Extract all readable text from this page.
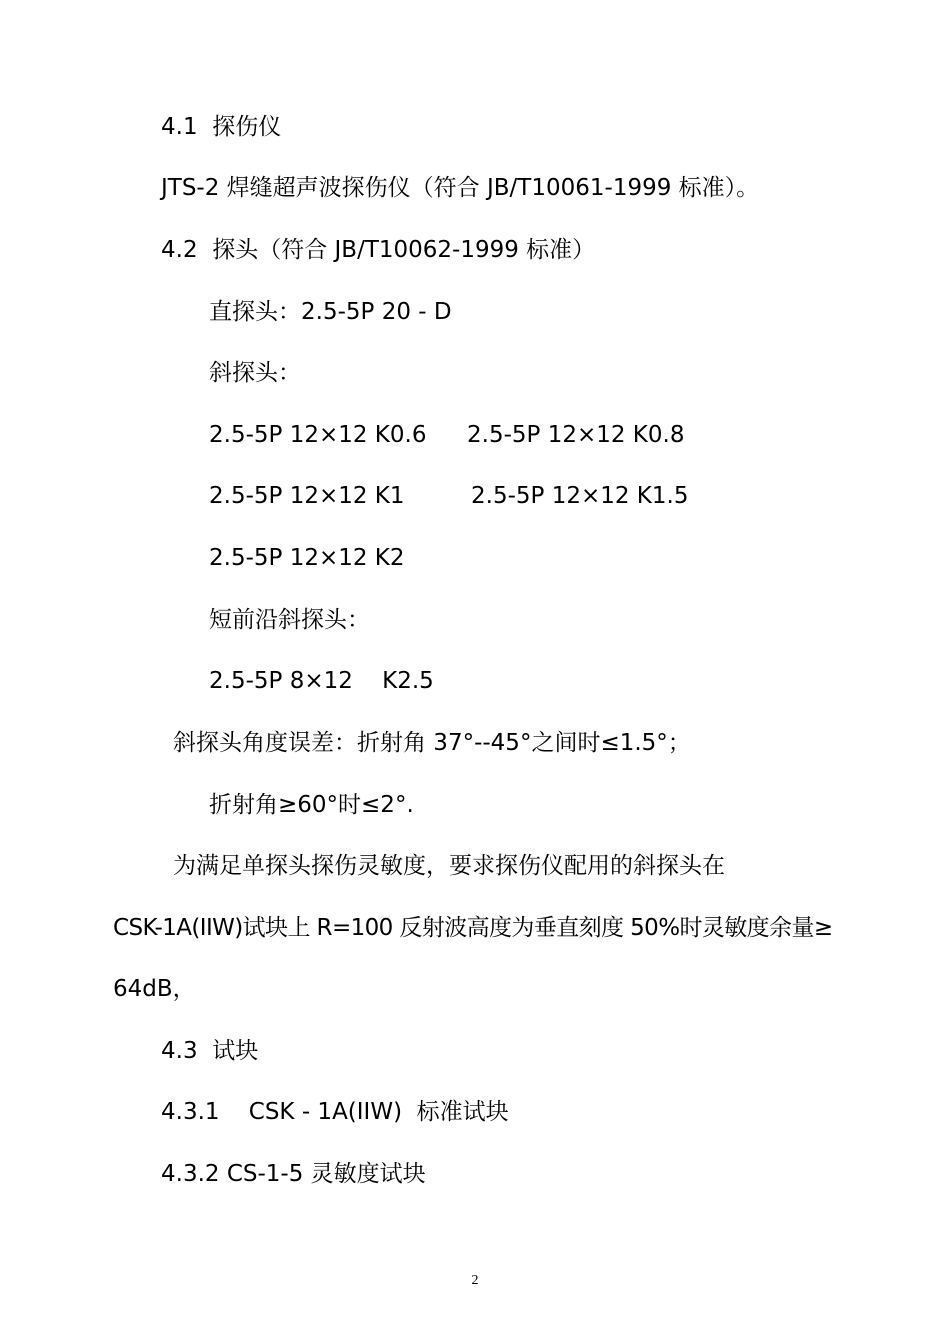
4.1  探伤仪
JTS-2 焊缝超声波探伤仪（符合 JB/T10061-1999 标准）。
4.2  探头（符合 JB/T10062-1999 标准）
直探头：2.5-5P 20 - D
斜探头：
2.5-5P 12×12 K0.6 2.5-5P 12×12 K0.8
2.5-5P 12×12 K1	2.5-5P 12×12 K1.5
2.5-5P 12×12 K2
短前沿斜探头：
2.5-5P 8×12    K2.5
斜探头角度误差：折射角 37°--45°之间时≤1.5°；
折射角≥60°时≤2°.
为满足单探头探伤灵敏度，要求探伤仪配用的斜探头在
CSK-1A(IIW)试块上 R=100 反射波高度为垂直刻度 50%时灵敏度余量≥
64dB，
4.3  试块
4.3.1    CSK - 1A(IIW)  标准试块
4.3.2 CS-1-5 灵敏度试块
2
